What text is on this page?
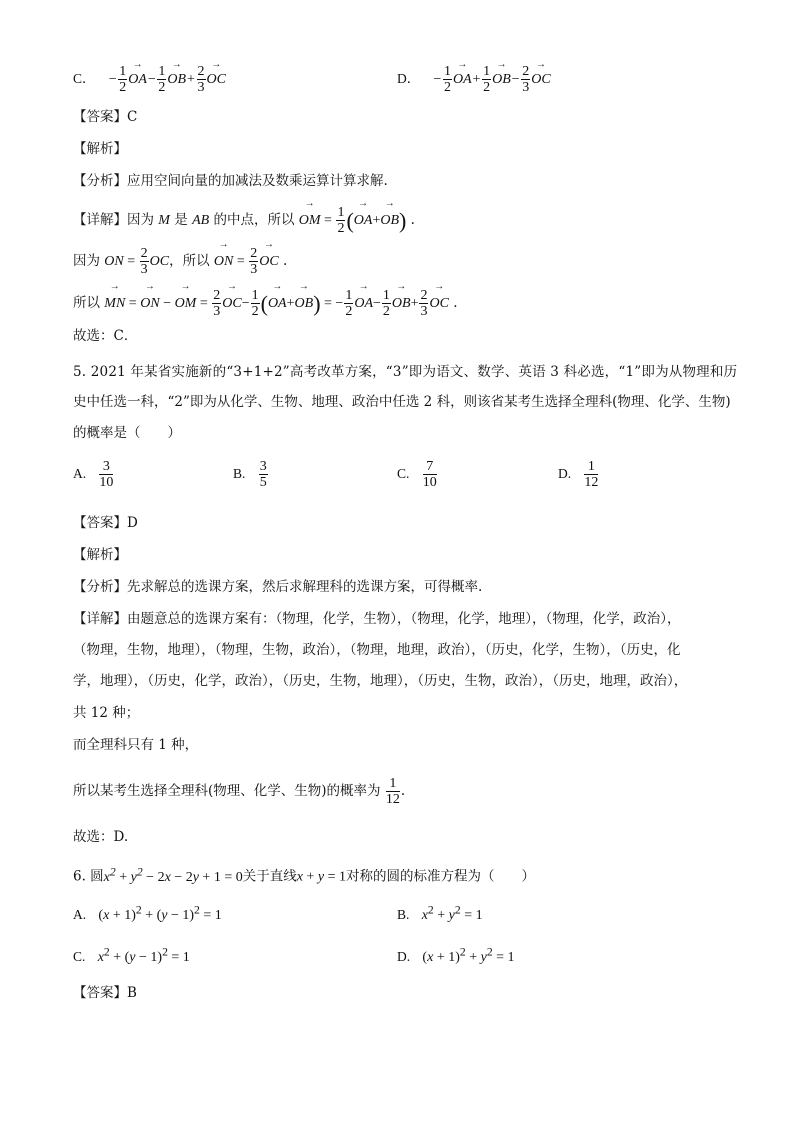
C． − $\frac{1}{2}$
→ $OA- \frac{1}{2}$
→ $OB+ \frac{2}{3}$
→ OC	D． − $\frac{1}{2}$
→ $OA+ \frac{1}{2}$
→ $OB- \frac{2}{3}$
→ OC
【答案】C
【解析】
【分析】应用空间向量的加减法及数乘运算计算求解.
【详解】因为 M 是 AB 的中点，所以 → OM = $\frac{1}{2}$ (→ OA+→ OB) .
因为 ON = $\frac{2}{3}$ OC，所以 → ON = $\frac{2}{3}$
→ OC .
所以 → MN = → ON − → OM = $\frac{2}{3}$
→ $OC- \frac{1}{2}$ (→ OA+→ OB) = − $\frac{1}{2}$
→ $OA- \frac{1}{2}$
→ $OB+ \frac{2}{3}$
→ OC .
故选：C．
5. 2021 年某省实施新的“3+1+2”高考改革方案，“3”即为语文、数学、英语 3 科必选，“1”即为从物理和历
史中任选一科，“2”即为从化学、生物、地理、政治中任选 2 科，则该省某考生选择全理科(物理、化学、生物)
的概率是（　　）
A. $\frac{3}{10}$	B. $\frac{3}{5}$	C. $\frac{7}{10}$	D. $\frac{1}{12}$
【答案】D
【解析】
【分析】先求解总的选课方案，然后求解理科的选课方案，可得概率.
【详解】由题意总的选课方案有：（物理，化学，生物），（物理，化学，地理），（物理，化学，政治），
（物理，生物，地理），（物理，生物，政治），（物理，地理，政治），（历史，化学，生物），（历史，化
学，地理），（历史，化学，政治），（历史，生物，地理），（历史，生物，政治），（历史，地理，政治），
共 12 种；
而全理科只有 1 种，
所以某考生选择全理科(物理、化学、生物)的概率为 $\frac{1}{12}$ .
故选：D.
6. 圆$x^2 + y^2 - 2x - 2y + 1 = 0$关于直线x + y = 1对称的圆的标准方程为（　　）
A. $(x + 1)^2 + (y - 1)^2 = 1$	B. $x^2 + y^2 = 1$
C. $x^2 + (y - 1)^2 = 1$	D. $(x + 1)^2 + y^2 = 1$
【答案】B
